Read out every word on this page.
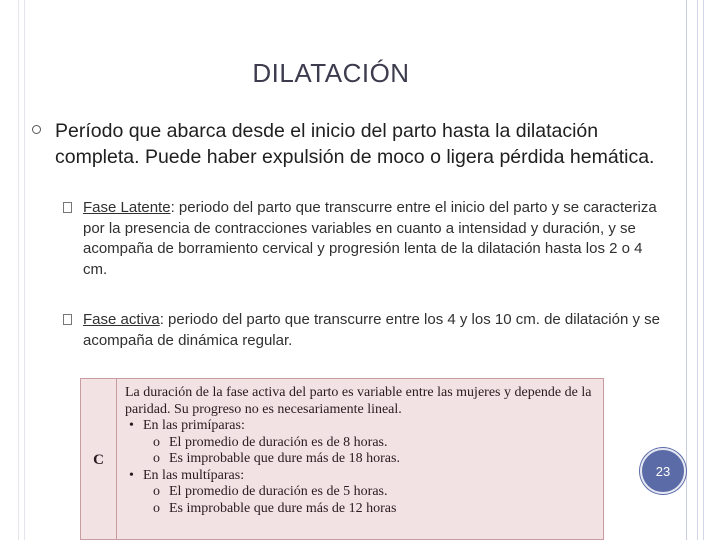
DILATACIÓN
Período que abarca desde el inicio del parto hasta la dilatación completa. Puede haber expulsión de moco o ligera pérdida hemática.
Fase Latente: periodo del parto que transcurre entre el inicio del parto y se caracteriza por la presencia de contracciones variables en cuanto a intensidad y duración, y se acompaña de borramiento cervical y progresión lenta de la dilatación hasta los 2 o 4 cm.
Fase activa: periodo del parto que transcurre entre los 4 y los 10 cm. de dilatación y se acompaña de dinámica regular.
C
La duración de la fase activa del parto es variable entre las mujeres y depende de la paridad. Su progreso no es necesariamente lineal.
• En las primíparas:
o El promedio de duración es de 8 horas.
o Es improbable que dure más de 18 horas.
• En las multíparas:
o El promedio de duración es de 5 horas.
o Es improbable que dure más de 12 horas
23
